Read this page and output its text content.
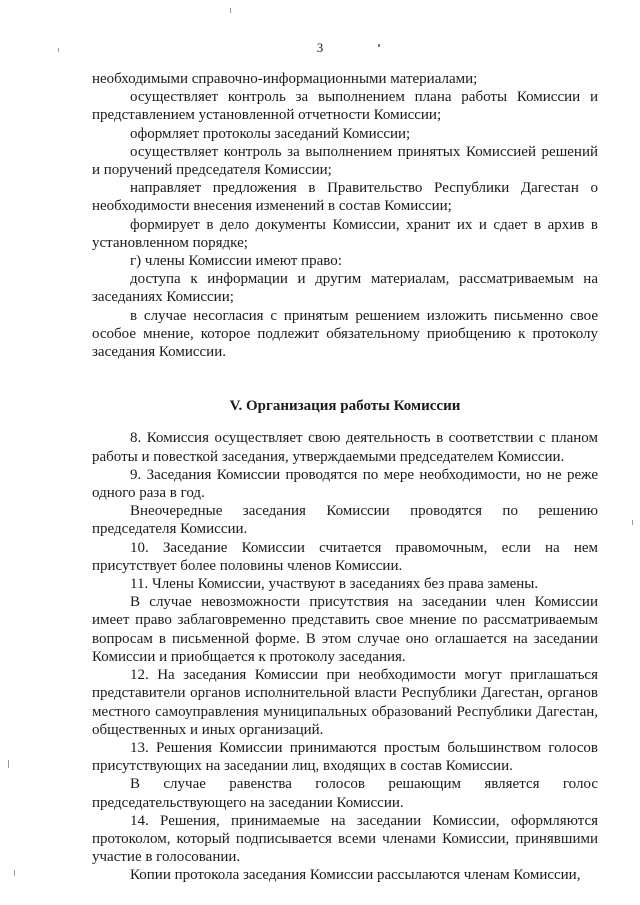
3

необходимыми справочно-информационными материалами;

осуществляет контроль за выполнением плана работы Комиссии и представлением установленной отчетности Комиссии;

оформляет протоколы заседаний Комиссии;

осуществляет контроль за выполнением принятых Комиссией решений и поручений председателя Комиссии;

направляет предложения в Правительство Республики Дагестан о необходимости внесения изменений в состав Комиссии;

формирует в дело документы Комиссии, хранит их и сдает в архив в установленном порядке;

г) члены Комиссии имеют право:

доступа к информации и другим материалам, рассматриваемым на заседаниях Комиссии;

в случае несогласия с принятым решением изложить письменно свое особое мнение, которое подлежит обязательному приобщению к протоколу заседания Комиссии.

V. Организация работы Комиссии

8. Комиссия осуществляет свою деятельность в соответствии с планом работы и повесткой заседания, утверждаемыми председателем Комиссии.

9. Заседания Комиссии проводятся по мере необходимости, но не реже одного раза в год.

Внеочередные заседания Комиссии проводятся по решению председателя Комиссии.

10. Заседание Комиссии считается правомочным, если на нем присутствует более половины членов Комиссии.

11. Члены Комиссии, участвуют в заседаниях без права замены.

В случае невозможности присутствия на заседании член Комиссии имеет право заблаговременно представить свое мнение по рассматриваемым вопросам в письменной форме. В этом случае оно оглашается на заседании Комиссии и приобщается к протоколу заседания.

12. На заседания Комиссии при необходимости могут приглашаться представители органов исполнительной власти Республики Дагестан, органов местного самоуправления муниципальных образований Республики Дагестан, общественных и иных организаций.

13. Решения Комиссии принимаются простым большинством голосов присутствующих на заседании лиц, входящих в состав Комиссии.

В случае равенства голосов решающим является голос председательствующего на заседании Комиссии.

14. Решения, принимаемые на заседании Комиссии, оформляются протоколом, который подписывается всеми членами Комиссии, принявшими участие в голосовании.

Копии протокола заседания Комиссии рассылаются членам Комиссии,
